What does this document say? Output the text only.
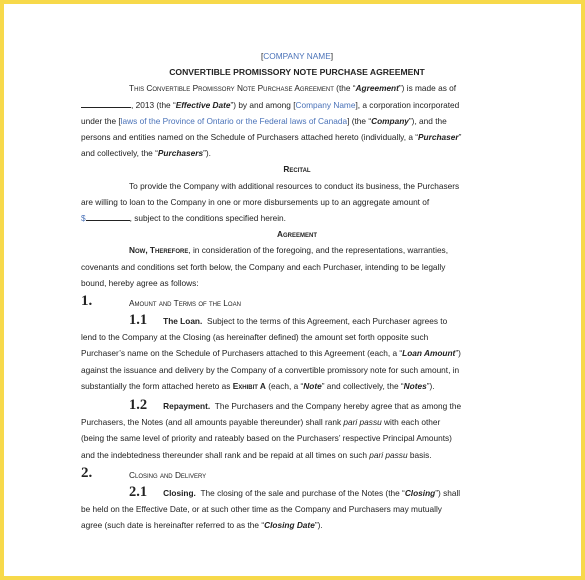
[COMPANY NAME]
CONVERTIBLE PROMISSORY NOTE PURCHASE AGREEMENT
This Convertible Promissory Note Purchase Agreement (the “Agreement”) is made as of
, 2013 (the “Effective Date”) by and among [Company Name], a corporation incorporated
under the [laws of the Province of Ontario or the Federal laws of Canada] (the “Company”), and the
persons and entities named on the Schedule of Purchasers attached hereto (individually, a “Purchaser”
and collectively, the “Purchasers”).
Recital
To provide the Company with additional resources to conduct its business, the Purchasers
are willing to loan to the Company in one or more disbursements up to an aggregate amount of
$	, subject to the conditions specified herein.
Agreement
Now, Therefore, in consideration of the foregoing, and the representations, warranties,
covenants and conditions set forth below, the Company and each Purchaser, intending to be legally
bound, hereby agree as follows:
1.	Amount and Terms of the Loan
1.1 The Loan. Subject to the terms of this Agreement, each Purchaser agrees to
lend to the Company at the Closing (as hereinafter defined) the amount set forth opposite such
Purchaser’s name on the Schedule of Purchasers attached to this Agreement (each, a “Loan Amount”)
against the issuance and delivery by the Company of a convertible promissory note for such amount, in
substantially the form attached hereto as Exhibit A (each, a “Note” and collectively, the “Notes”).
1.2 Repayment. The Purchasers and the Company hereby agree that as among the
Purchasers, the Notes (and all amounts payable thereunder) shall rank pari passu with each other
(being the same level of priority and rateably based on the Purchasers’ respective Principal Amounts)
and the indebtedness thereunder shall rank and be repaid at all times on such pari passu basis.
2.	Closing and Delivery
2.1 Closing. The closing of the sale and purchase of the Notes (the “Closing”) shall
be held on the Effective Date, or at such other time as the Company and Purchasers may mutually
agree (such date is hereinafter referred to as the “Closing Date”).
